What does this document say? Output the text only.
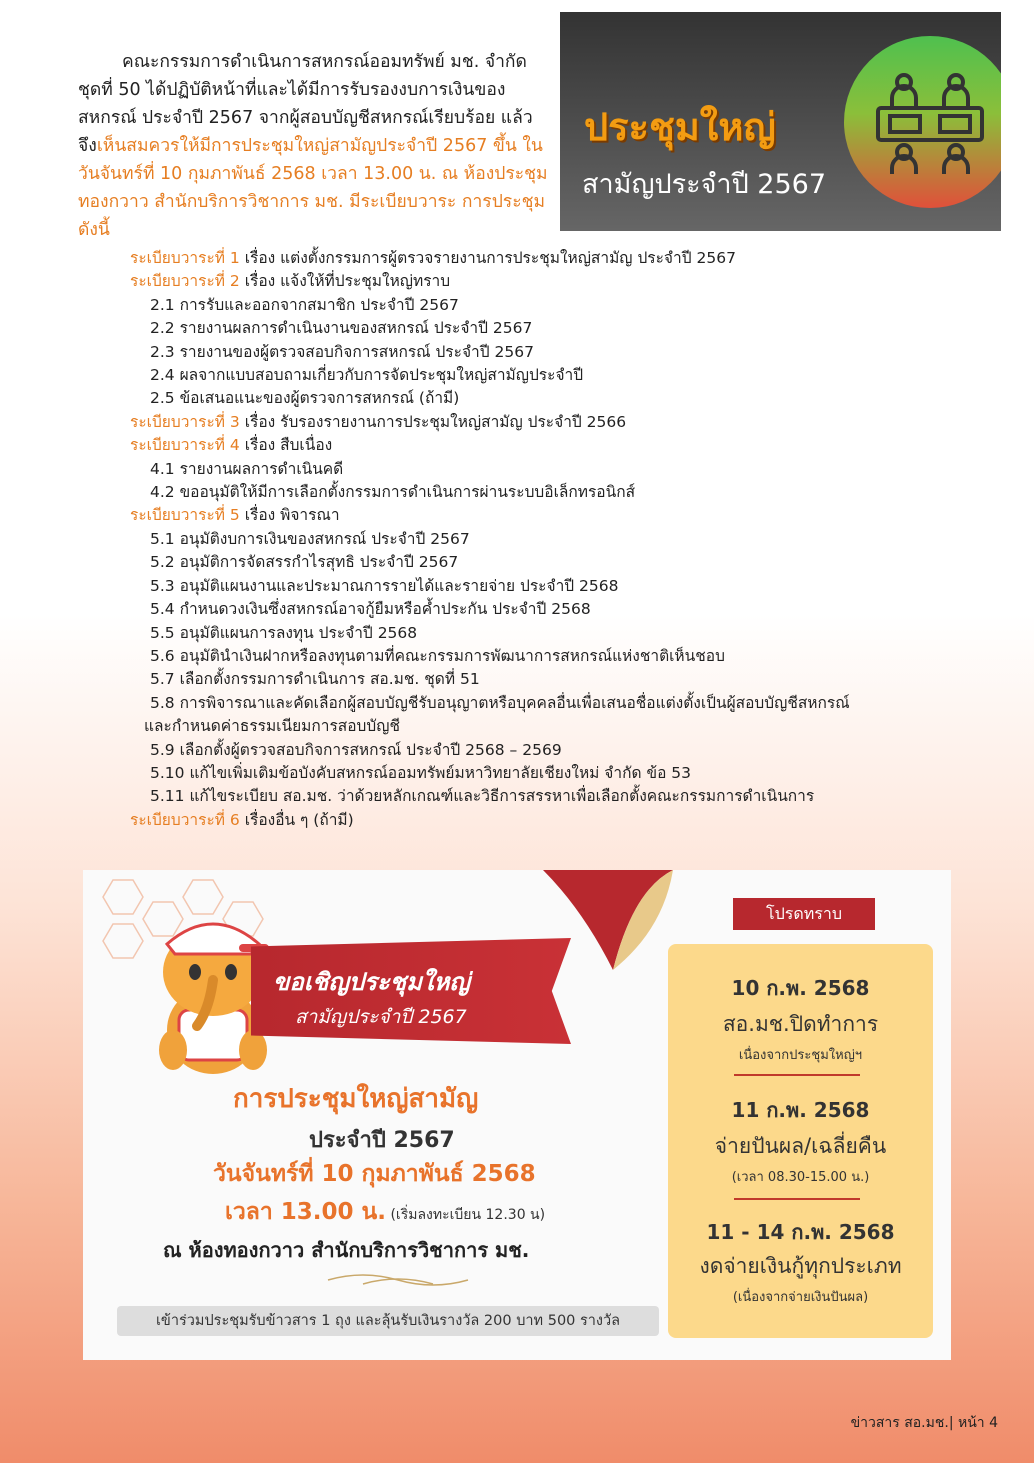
คณะกรรมการดำเนินการสหกรณ์ออมทรัพย์ มช. จำกัด ชุดที่ 50 ได้ปฏิบัติหน้าที่และได้มีการรับรองงบการเงินของ สหกรณ์ ประจำปี 2567 จากผู้สอบบัญชีสหกรณ์เรียบร้อย แล้ว จึงเห็นสมควรให้มีการประชุมใหญ่สามัญประจำปี 2567 ขึ้น ในวันจันทร์ที่ 10 กุมภาพันธ์ 2568 เวลา 13.00 น. ณ ห้องประชุมทองกวาว สำนักบริการวิชาการ มช. มีระเบียบวาระ การประชุมดังนี้

ประชุมใหญ่
สามัญประจำปี 2567
ระเบียบวาระที่ 1 เรื่อง แต่งตั้งกรรมการผู้ตรวจรายงานการประชุมใหญ่สามัญ ประจำปี 2567
ระเบียบวาระที่ 2 เรื่อง แจ้งให้ที่ประชุมใหญ่ทราบ
2.1 การรับและออกจากสมาชิก ประจำปี 2567
2.2 รายงานผลการดำเนินงานของสหกรณ์ ประจำปี 2567
2.3 รายงานของผู้ตรวจสอบกิจการสหกรณ์ ประจำปี 2567
2.4 ผลจากแบบสอบถามเกี่ยวกับการจัดประชุมใหญ่สามัญประจำปี
2.5 ข้อเสนอแนะของผู้ตรวจการสหกรณ์ (ถ้ามี)
ระเบียบวาระที่ 3 เรื่อง รับรองรายงานการประชุมใหญ่สามัญ ประจำปี 2566
ระเบียบวาระที่ 4 เรื่อง สืบเนื่อง
4.1 รายงานผลการดำเนินคดี
4.2 ขออนุมัติให้มีการเลือกตั้งกรรมการดำเนินการผ่านระบบอิเล็กทรอนิกส์
ระเบียบวาระที่ 5 เรื่อง พิจารณา
5.1 อนุมัติงบการเงินของสหกรณ์ ประจำปี 2567
5.2 อนุมัติการจัดสรรกำไรสุทธิ ประจำปี 2567
5.3 อนุมัติแผนงานและประมาณการรายได้และรายจ่าย ประจำปี 2568
5.4 กำหนดวงเงินซึ่งสหกรณ์อาจกู้ยืมหรือค้ำประกัน ประจำปี 2568
5.5 อนุมัติแผนการลงทุน ประจำปี 2568
5.6 อนุมัตินำเงินฝากหรือลงทุนตามที่คณะกรรมการพัฒนาการสหกรณ์แห่งชาติเห็นชอบ
5.7 เลือกตั้งกรรมการดำเนินการ สอ.มช. ชุดที่ 51
5.8 การพิจารณาและคัดเลือกผู้สอบบัญชีรับอนุญาตหรือบุคคลอื่นเพื่อเสนอชื่อแต่งตั้งเป็นผู้สอบบัญชีสหกรณ์
และกำหนดค่าธรรมเนียมการสอบบัญชี
5.9 เลือกตั้งผู้ตรวจสอบกิจการสหกรณ์ ประจำปี 2568 – 2569
5.10 แก้ไขเพิ่มเติมข้อบังคับสหกรณ์ออมทรัพย์มหาวิทยาลัยเชียงใหม่ จำกัด ข้อ 53
5.11 แก้ไขระเบียบ สอ.มช. ว่าด้วยหลักเกณฑ์และวิธีการสรรหาเพื่อเลือกตั้งคณะกรรมการดำเนินการ
ระเบียบวาระที่ 6 เรื่องอื่น ๆ (ถ้ามี)
ขอเชิญประชุมใหญ่
สามัญประจำปี 2567
การประชุมใหญ่สามัญ
ประจำปี 2567
วันจันทร์ที่ 10 กุมภาพันธ์ 2568
เวลา 13.00 น. (เริ่มลงทะเบียน 12.30 น)
ณ ห้องทองกวาว สำนักบริการวิชาการ มช.
เข้าร่วมประชุมรับข้าวสาร 1 ถุง และลุ้นรับเงินรางวัล 200 บาท 500 รางวัล
โปรดทราบ
10 ก.พ. 2568
สอ.มช.ปิดทำการ
เนื่องจากประชุมใหญ่ฯ
11 ก.พ. 2568
จ่ายปันผล/เฉลี่ยคืน
(เวลา 08.30-15.00 น.)
11 - 14 ก.พ. 2568
งดจ่ายเงินกู้ทุกประเภท
(เนื่องจากจ่ายเงินปันผล)
ข่าวสาร สอ.มช.| หน้า 4
